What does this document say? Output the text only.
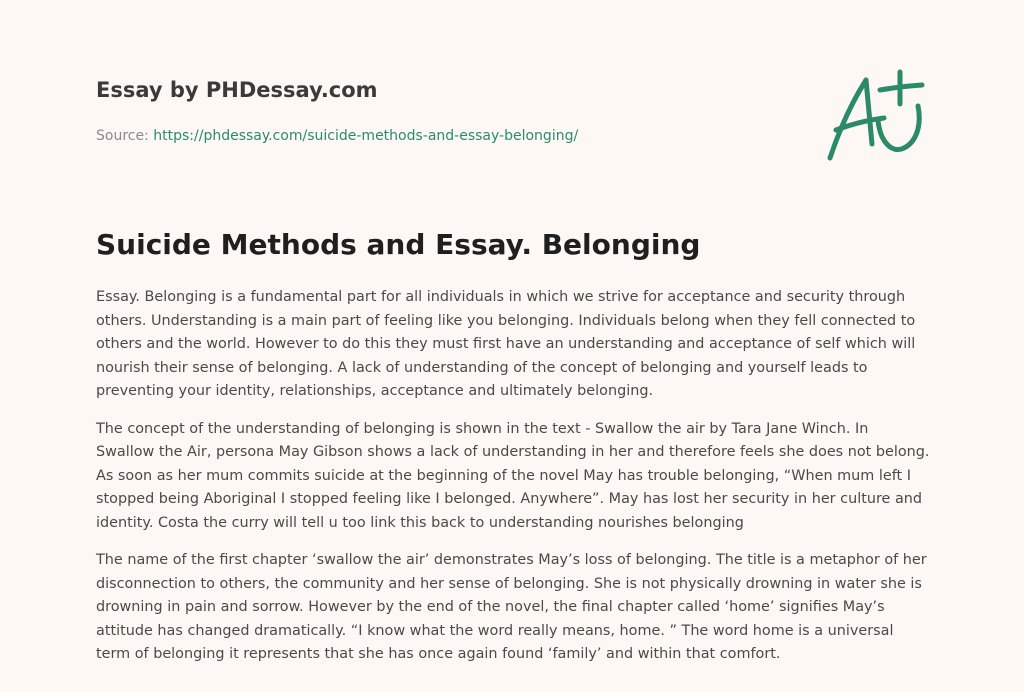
Essay by PHDessay.com
Source: https://phdessay.com/suicide-methods-and-essay-belonging/
Suicide Methods and Essay. Belonging

Essay. Belonging is a fundamental part for all individuals in which we strive for acceptance and security through others. Understanding is a main part of feeling like you belonging. Individuals belong when they fell connected to others and the world. However to do this they must first have an understanding and acceptance of self which will nourish their sense of belonging. A lack of understanding of the concept of belonging and yourself leads to preventing your identity, relationships, acceptance and ultimately belonging.

The concept of the understanding of belonging is shown in the text - Swallow the air by Tara Jane Winch. In Swallow the Air, persona May Gibson shows a lack of understanding in her and therefore feels she does not belong. As soon as her mum commits suicide at the beginning of the novel May has trouble belonging, “When mum left I stopped being Aboriginal I stopped feeling like I belonged. Anywhere”. May has lost her security in her culture and identity. Costa the curry will tell u too link this back to understanding nourishes belonging

The name of the first chapter ‘swallow the air’ demonstrates May’s loss of belonging. The title is a metaphor of her disconnection to others, the community and her sense of belonging. She is not physically drowning in water she is drowning in pain and sorrow. However by the end of the novel, the final chapter called ‘home’ signifies May’s attitude has changed dramatically. “I know what the word really means, home. ” The word home is a universal term of belonging it represents that she has once again found ‘family’ and within that comfort.
